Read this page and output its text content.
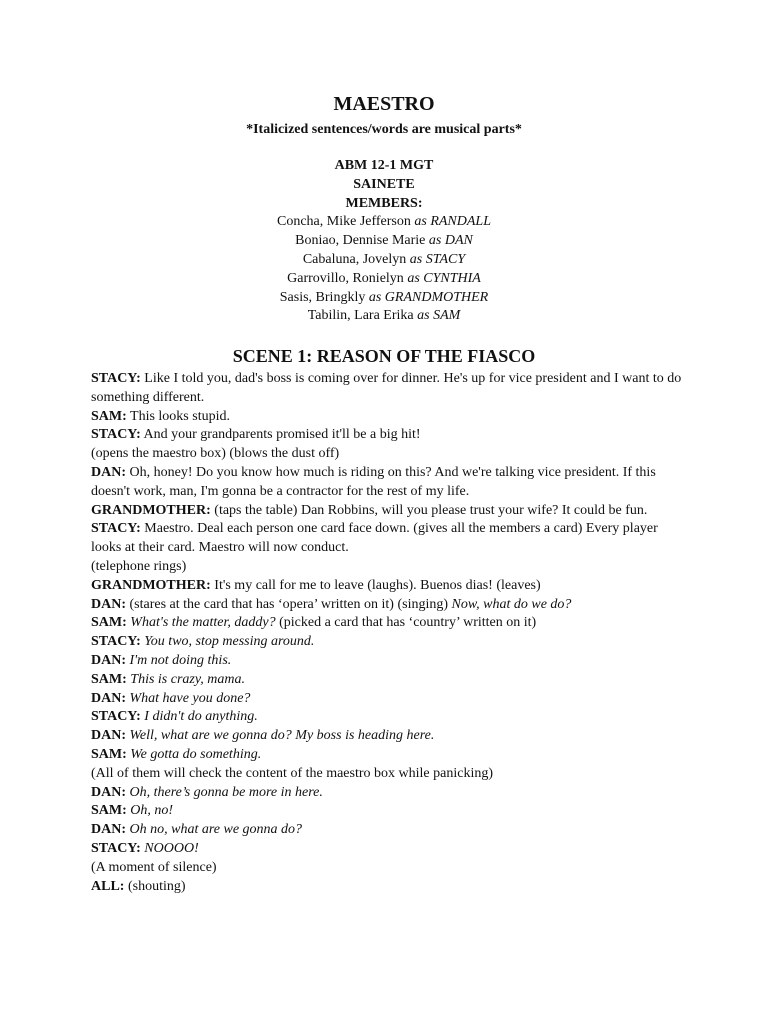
MAESTRO
*Italicized sentences/words are musical parts*
ABM 12-1 MGT
SAINETE
MEMBERS:
Concha, Mike Jefferson as RANDALL
Boniao, Dennise Marie as DAN
Cabaluna, Jovelyn as STACY
Garrovillo, Ronielyn as CYNTHIA
Sasis, Bringkly as GRANDMOTHER
Tabilin, Lara Erika as SAM
SCENE 1: REASON OF THE FIASCO
STACY: Like I told you, dad's boss is coming over for dinner. He's up for vice president and I want to do
something different.
SAM: This looks stupid.
STACY: And your grandparents promised it'll be a big hit!
(opens the maestro box) (blows the dust off)
DAN: Oh, honey! Do you know how much is riding on this? And we're talking vice president. If this
doesn't work, man, I'm gonna be a contractor for the rest of my life.
GRANDMOTHER: (taps the table) Dan Robbins, will you please trust your wife? It could be fun.
STACY: Maestro. Deal each person one card face down. (gives all the members a card) Every player
looks at their card. Maestro will now conduct.
(telephone rings)
GRANDMOTHER: It's my call for me to leave (laughs). Buenos dias! (leaves)
DAN: (stares at the card that has ‘opera’ written on it) (singing) Now, what do we do?
SAM: What's the matter, daddy? (picked a card that has ‘country’ written on it)
STACY: You two, stop messing around.
DAN: I'm not doing this.
SAM: This is crazy, mama.
DAN: What have you done?
STACY: I didn't do anything.
DAN: Well, what are we gonna do? My boss is heading here.
SAM: We gotta do something.
(All of them will check the content of the maestro box while panicking)
DAN: Oh, there’s gonna be more in here.
SAM: Oh, no!
DAN: Oh no, what are we gonna do?
STACY: NOOOO!
(A moment of silence)
ALL: (shouting)
